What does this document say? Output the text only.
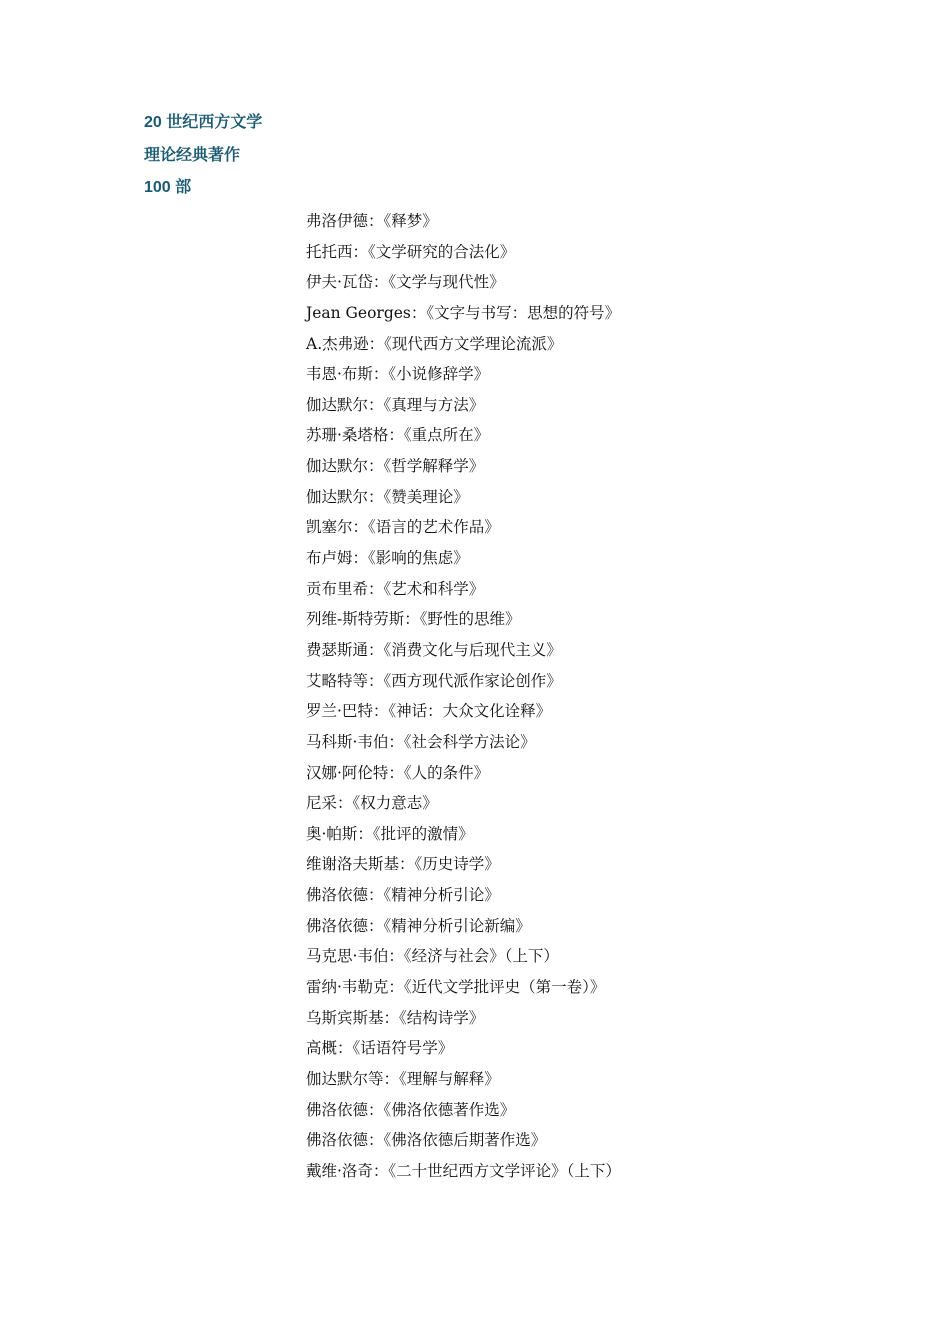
20 世纪西方文学
理论经典著作
100 部
弗洛伊德：《释梦》
托托西：《文学研究的合法化》
伊夫·瓦岱：《文学与现代性》
Jean Georges：《文字与书写：思想的符号》
A.杰弗逊：《现代西方文学理论流派》
韦恩·布斯：《小说修辞学》
伽达默尔：《真理与方法》
苏珊·桑塔格：《重点所在》
伽达默尔：《哲学解释学》
伽达默尔：《赞美理论》
凯塞尔：《语言的艺术作品》
布卢姆：《影响的焦虑》
贡布里希：《艺术和科学》
列维-斯特劳斯：《野性的思维》
费瑟斯通：《消费文化与后现代主义》
艾略特等：《西方现代派作家论创作》
罗兰·巴特：《神话：大众文化诠释》
马科斯·韦伯：《社会科学方法论》
汉娜·阿伦特：《人的条件》
尼采：《权力意志》
奥·帕斯：《批评的激情》
维谢洛夫斯基：《历史诗学》
佛洛依德：《精神分析引论》
佛洛依德：《精神分析引论新编》
马克思·韦伯：《经济与社会》（上下）
雷纳·韦勒克：《近代文学批评史（第一卷）》
乌斯宾斯基：《结构诗学》
高概：《话语符号学》
伽达默尔等：《理解与解释》
佛洛依德：《佛洛依德著作选》
佛洛依德：《佛洛依德后期著作选》
戴维·洛奇：《二十世纪西方文学评论》（上下）
